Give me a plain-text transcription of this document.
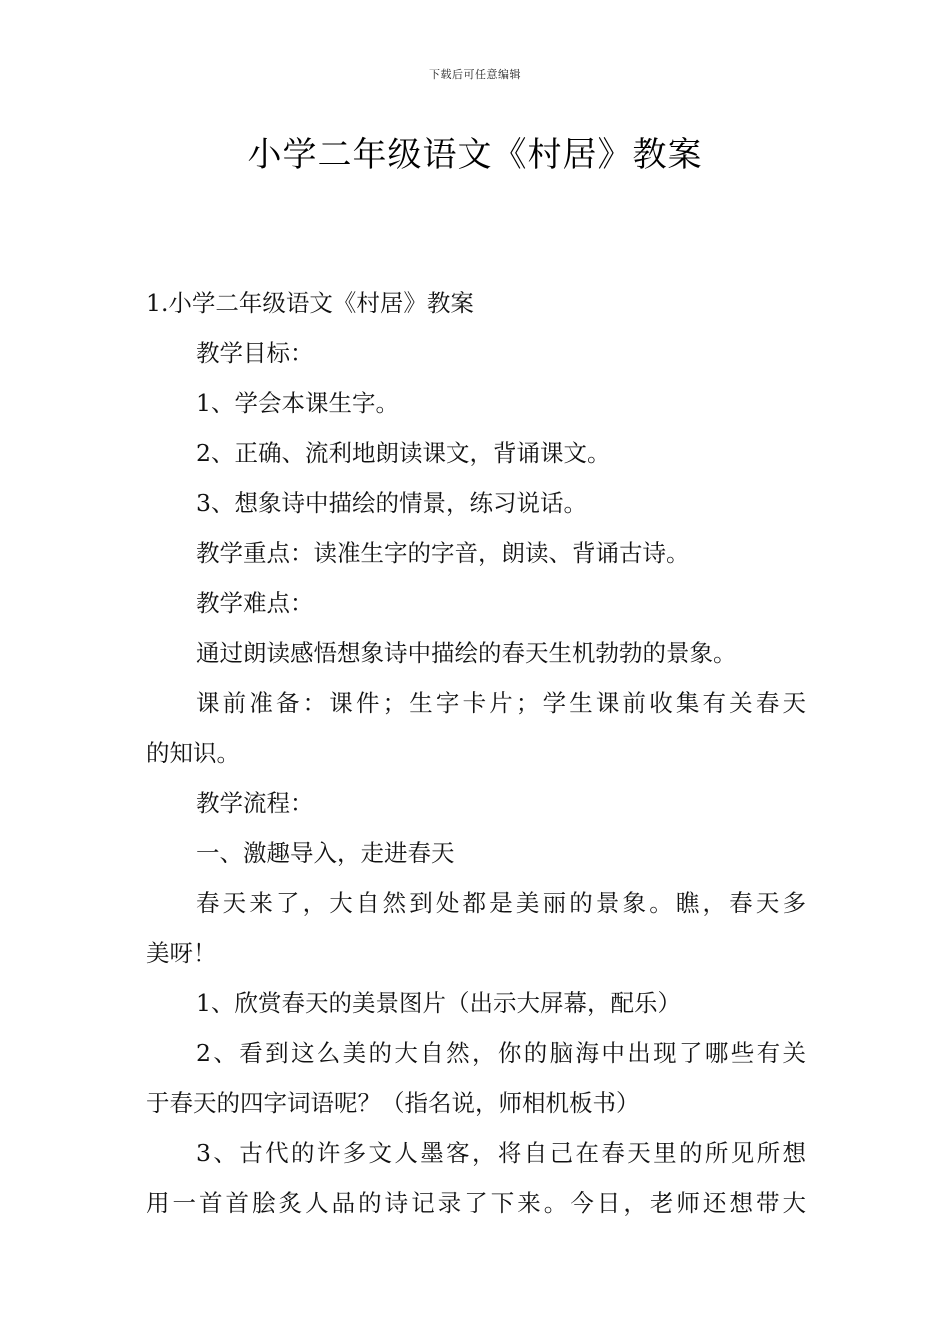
下载后可任意编辑
小学二年级语文《村居》教案

1.小学二年级语文《村居》教案

教学目标：

1、学会本课生字。

2、正确、流利地朗读课文，背诵课文。

3、想象诗中描绘的情景，练习说话。

教学重点：读准生字的字音，朗读、背诵古诗。

教学难点：

通过朗读感悟想象诗中描绘的春天生机勃勃的景象。

课前准备：课件；生字卡片；学生课前收集有关春天

的知识。

教学流程：

一、激趣导入，走进春天

春天来了，大自然到处都是美丽的景象。瞧，春天多

美呀！

1、欣赏春天的美景图片（出示大屏幕，配乐）

2、看到这么美的大自然，你的脑海中出现了哪些有关

于春天的四字词语呢？（指名说，师相机板书）

3、古代的许多文人墨客，将自己在春天里的所见所想

用一首首脍炙人品的诗记录了下来。今日，老师还想带大
